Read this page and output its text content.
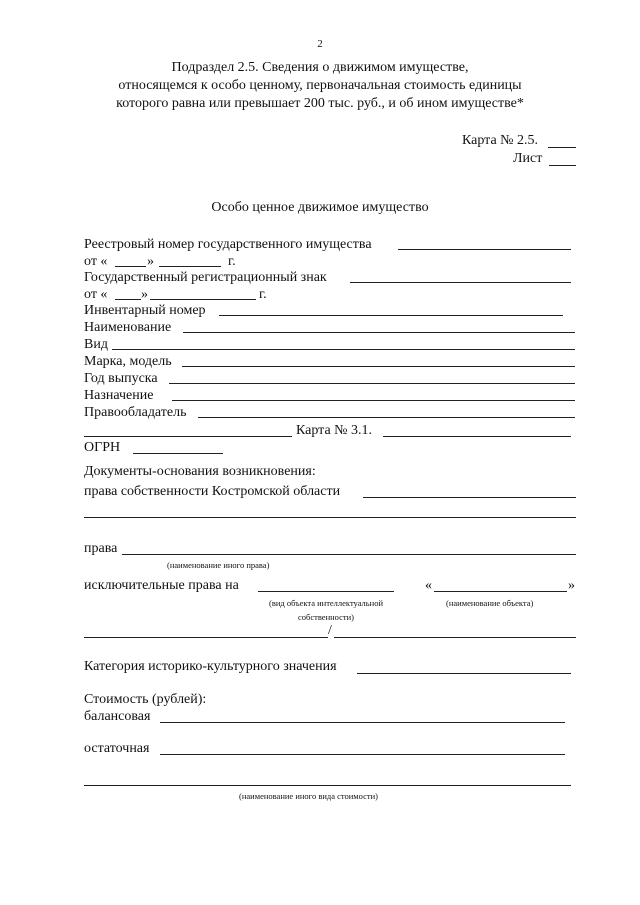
2
Подраздел 2.5. Сведения о движимом имуществе,
относящемся к особо ценному, первоначальная стоимость единицы
которого равна или превышает 200 тыс. руб., и об ином имуществе*
Карта № 2.5.
Лист
Особо ценное движимое имущество
Реестровый номер государственного имущества
от «	»	г.
Государственный регистрационный знак
от « »	г.
Инвентарный номер
Наименование
Вид
Марка, модель
Год выпуска
Назначение
Правообладатель
Карта № 3.1.
ОГРН
Документы-основания возникновения:
права собственности Костромской области
права
(наименование иного права)
исключительные права на	«	»
(вид объекта интеллектуальной
собственности)
(наименование объекта)
/
Категория историко-культурного значения
Стоимость (рублей):
балансовая
остаточная
(наименование иного вида стоимости)
